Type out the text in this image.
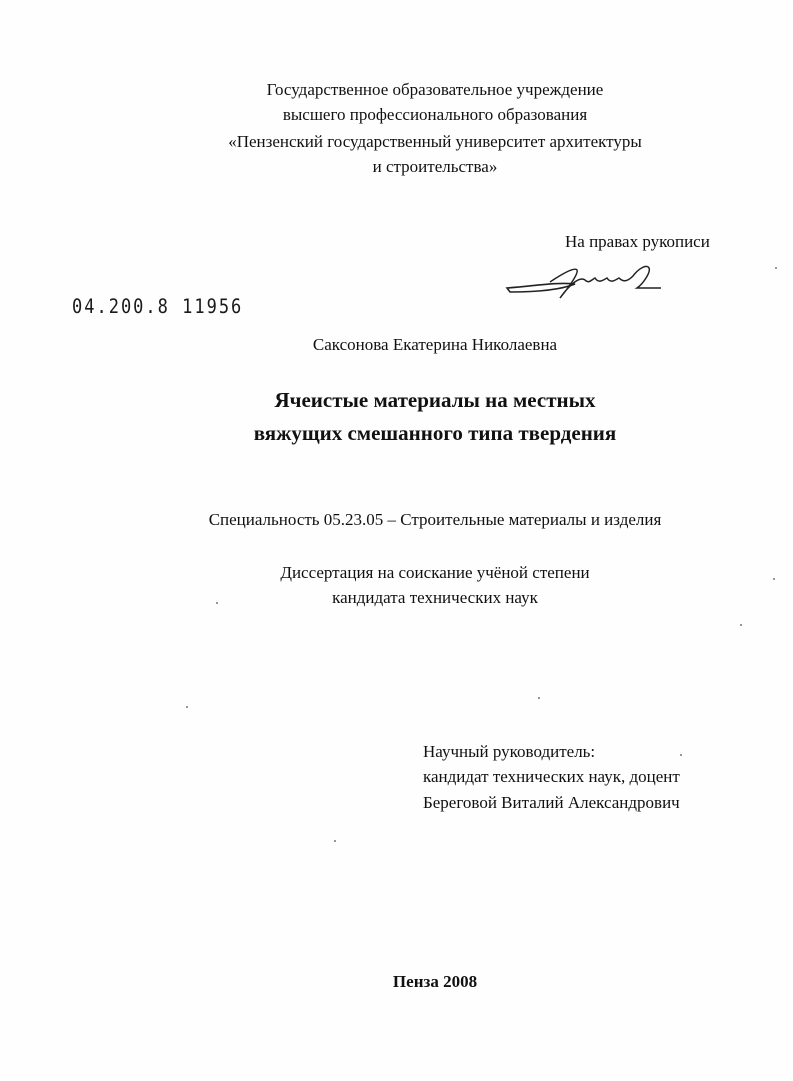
Государственное образовательное учреждение
высшего профессионального образования
«Пензенский государственный университет архитектуры
и строительства»
На правах рукописи
04.200.8 11956
Саксонова Екатерина Николаевна
Ячеистые материалы на местных
вяжущих смешанного типа твердения
Специальность 05.23.05 – Строительные материалы и изделия
Диссертация на соискание учёной степени
кандидата технических наук
Научный руководитель:
кандидат технических наук, доцент
Береговой Виталий Александрович
Пенза 2008
